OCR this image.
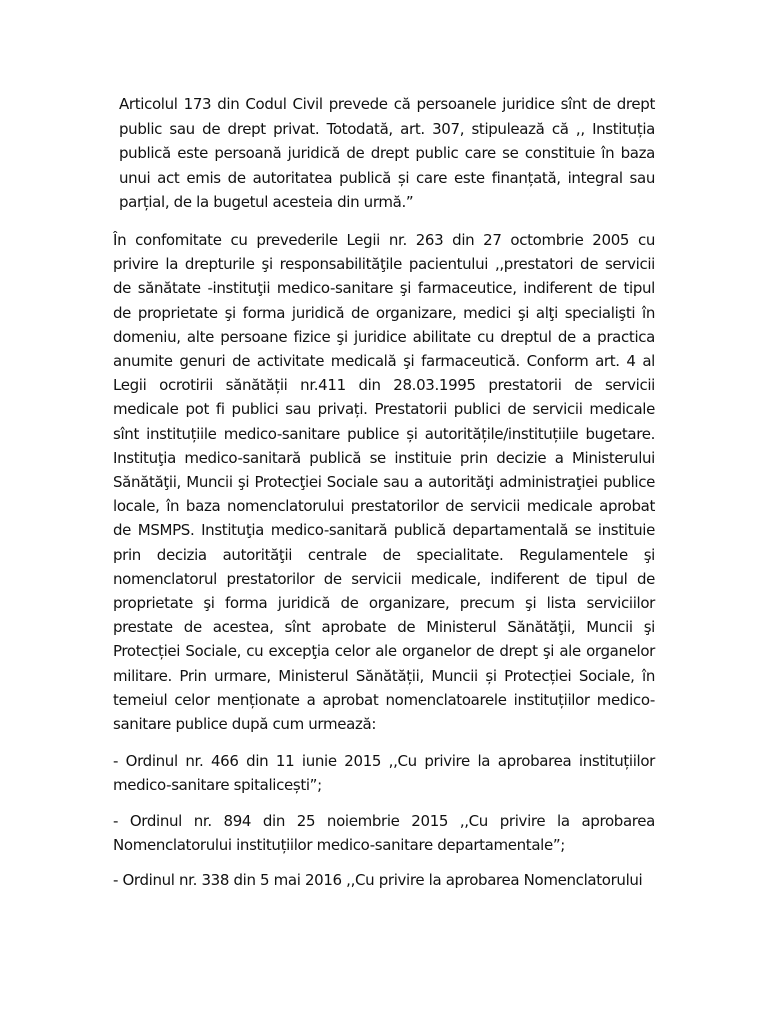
Articolul 173 din Codul Civil prevede că persoanele juridice sînt de drept public sau de drept privat. Totodată, art. 307, stipulează că ,, Instituția publică este persoană juridică de drept public care se constituie în baza unui act emis de autoritatea publică și care este finanțată, integral sau parțial, de la bugetul acesteia din urmă.”

În confomitate cu prevederile Legii nr. 263 din 27 octombrie 2005 cu privire la drepturile şi responsabilităţile pacientului ,,prestatori de servicii de sănătate -instituţii medico-sanitare şi farmaceutice, indiferent de tipul de proprietate şi forma juridică de organizare, medici şi alţi specialişti în domeniu, alte persoane fizice şi juridice abilitate cu dreptul de a practica anumite genuri de activitate medicală şi farmaceutică. Conform art. 4 al Legii ocrotirii sănătății nr.411 din 28.03.1995 prestatorii de servicii medicale pot fi publici sau privați. Prestatorii publici de servicii medicale sînt instituțiile medico-sanitare publice și autoritățile/instituțiile bugetare. Instituţia medico-sanitară publică se instituie prin decizie a Ministerului Sănătăţii, Muncii şi Protecţiei Sociale sau a autorităţi administraţiei publice locale, în baza nomenclatorului prestatorilor de servicii medicale aprobat de MSMPS. Instituţia medico-sanitară publică departamentală se instituie prin decizia autorităţii centrale de specialitate. Regulamentele şi nomenclatorul prestatorilor de servicii medicale, indiferent de tipul de proprietate şi forma juridică de organizare, precum şi lista serviciilor prestate de acestea, sînt aprobate de Ministerul Sănătăţii, Muncii şi Protecției Sociale, cu excepţia celor ale organelor de drept şi ale organelor militare. Prin urmare, Ministerul Sănătății, Muncii și Protecției Sociale, în temeiul celor menționate a aprobat nomenclatoarele instituțiilor medico-sanitare publice după cum urmează:

- Ordinul nr. 466 din 11 iunie 2015 ,,Cu privire la aprobarea instituțiilor medico-sanitare spitalicești”;

- Ordinul nr. 894 din 25 noiembrie 2015 ,,Cu privire la aprobarea Nomenclatorului instituțiilor medico-sanitare departamentale”;

- Ordinul nr. 338 din 5 mai 2016 ,,Cu privire la aprobarea Nomenclatorului
